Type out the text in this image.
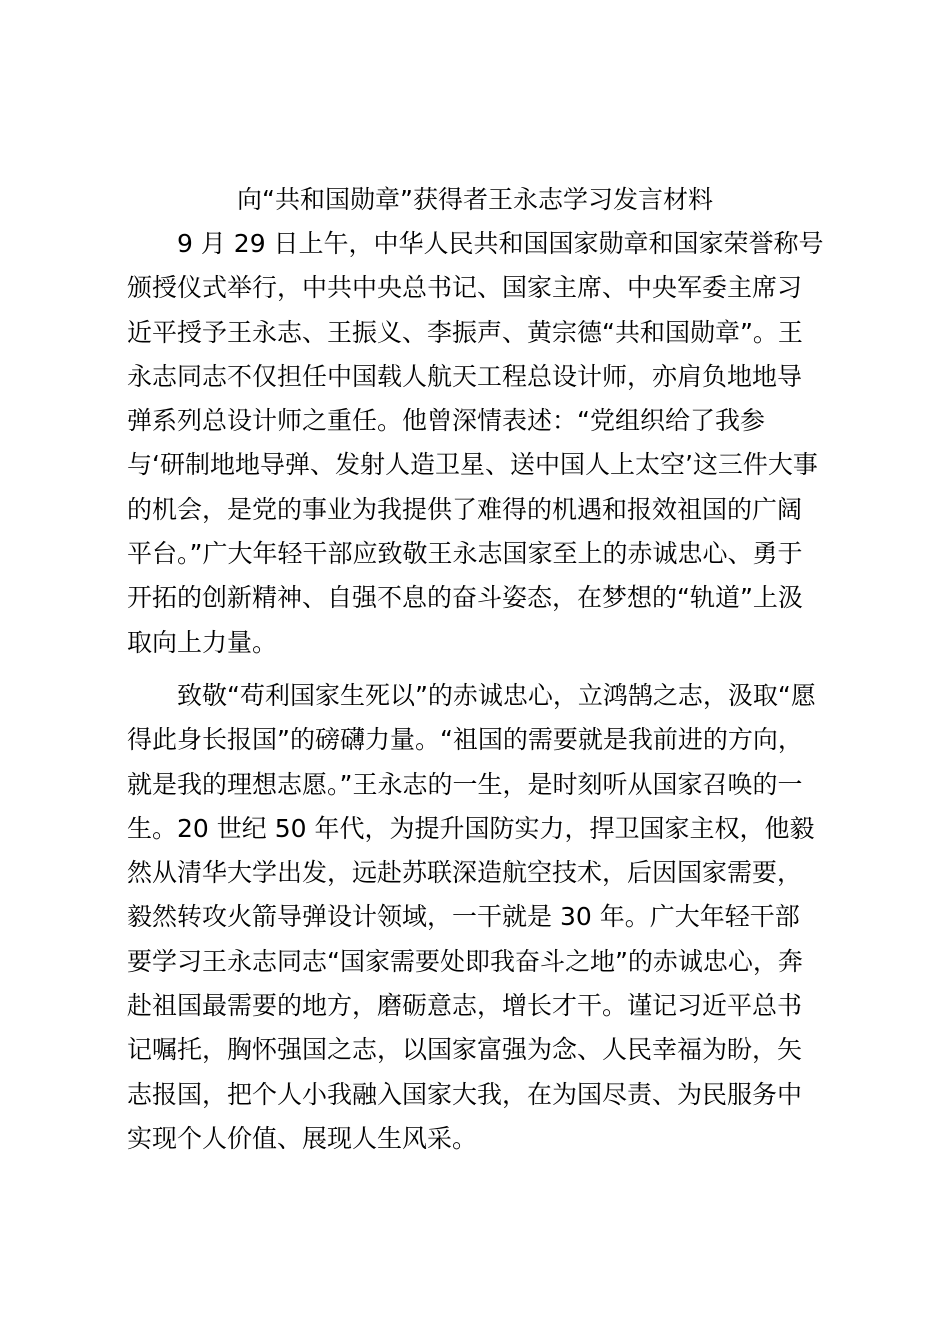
向“共和国勋章”获得者王永志学习发言材料
9 月 29 日上午，中华人民共和国国家勋章和国家荣誉称号
颁授仪式举行，中共中央总书记、国家主席、中央军委主席习
近平授予王永志、王振义、李振声、黄宗德“共和国勋章”。王
永志同志不仅担任中国载人航天工程总设计师，亦肩负地地导
弹系列总设计师之重任。他曾深情表述：“党组织给了我参
与‘研制地地导弹、发射人造卫星、送中国人上太空’这三件大事
的机会，是党的事业为我提供了难得的机遇和报效祖国的广阔
平台。”广大年轻干部应致敬王永志国家至上的赤诚忠心、勇于
开拓的创新精神、自强不息的奋斗姿态，在梦想的“轨道”上汲
取向上力量。
致敬“苟利国家生死以”的赤诚忠心，立鸿鹄之志，汲取“愿
得此身长报国”的磅礴力量。“祖国的需要就是我前进的方向，
就是我的理想志愿。”王永志的一生，是时刻听从国家召唤的一
生。20 世纪 50 年代，为提升国防实力，捍卫国家主权，他毅
然从清华大学出发，远赴苏联深造航空技术，后因国家需要，
毅然转攻火箭导弹设计领域，一干就是 30 年。广大年轻干部
要学习王永志同志“国家需要处即我奋斗之地”的赤诚忠心，奔
赴祖国最需要的地方，磨砺意志，增长才干。谨记习近平总书
记嘱托，胸怀强国之志，以国家富强为念、人民幸福为盼，矢
志报国，把个人小我融入国家大我，在为国尽责、为民服务中
实现个人价值、展现人生风采。
